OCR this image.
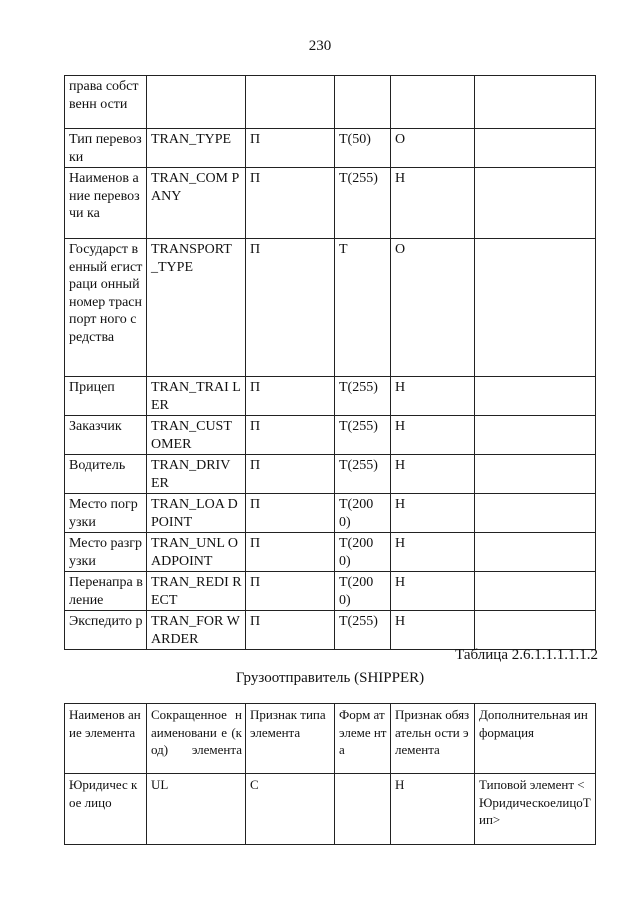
230
права собственн ости					
Тип перевозки	TRAN_TYPE	П	T(50)	О	
Наименов ание перевозчи ка	TRAN_COM PANY	П	T(255)	Н	
Государст венный егистраци онный номер траснпорт ного средства	TRANSPORT _TYPE	П	T	О	
Прицеп	TRAN_TRAI LER	П	T(255)	Н	
Заказчик	TRAN_CUST OMER	П	T(255)	Н	
Водитель	TRAN_DRIV ER	П	T(255)	Н	
Место погрузки	TRAN_LOA DPOINT	П	T(200 0)	Н	
Место разгрузки	TRAN_UNL OADPOINT	П	T(200 0)	Н	
Перенапра вление	TRAN_REDI RECT	П	T(200 0)	Н	
Экспедито р	TRAN_FOR WARDER	П	T(255)	Н	
Таблица 2.6.1.1.1.1.1.2
Грузоотправитель (SHIPPER)
Наименов ание элемента	Сокращенное наименовани е (код) элемента	Признак типа элемента	Форм ат элеме нта	Признак обязательн ости элемента	Дополнительная информация
Юридичес кое лицо	UL	С		Н	Типовой элемент <ЮридическоелицоТип>
